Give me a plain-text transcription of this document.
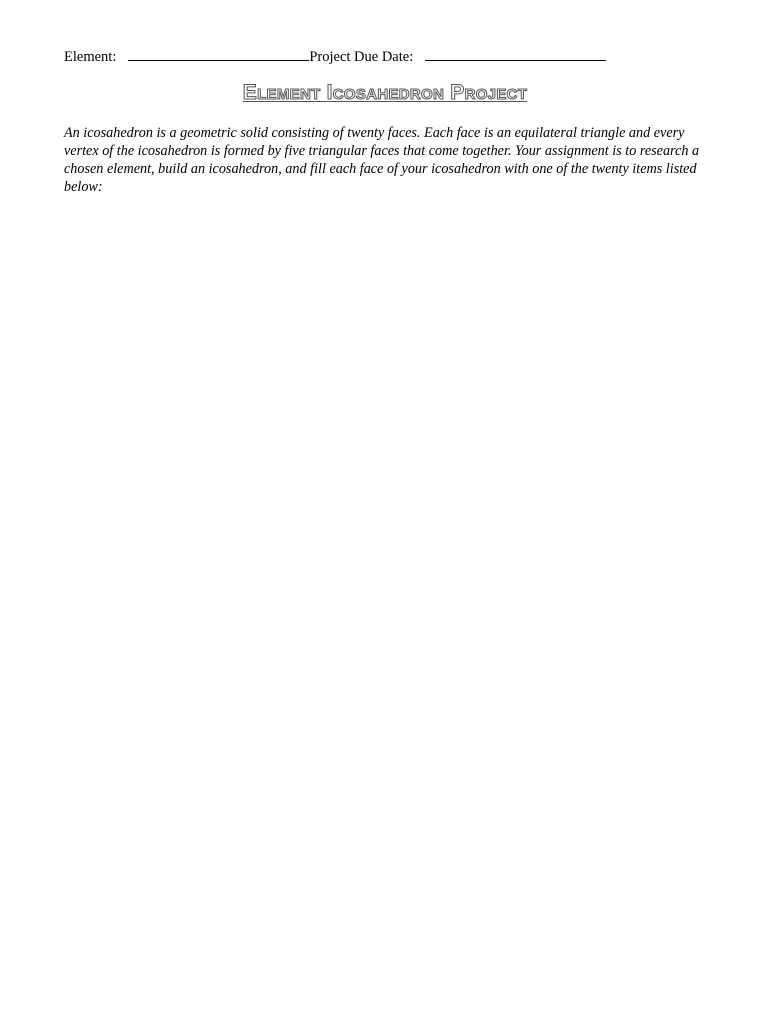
Element:	Project Due Date:
Element Icosahedron Project

An icosahedron is a geometric solid consisting of twenty faces. Each face is an equilateral triangle and every vertex of the icosahedron is formed by five triangular faces that come together. Your assignment is to research a chosen element, build an icosahedron, and fill each face of your icosahedron with one of the twenty items listed below:
